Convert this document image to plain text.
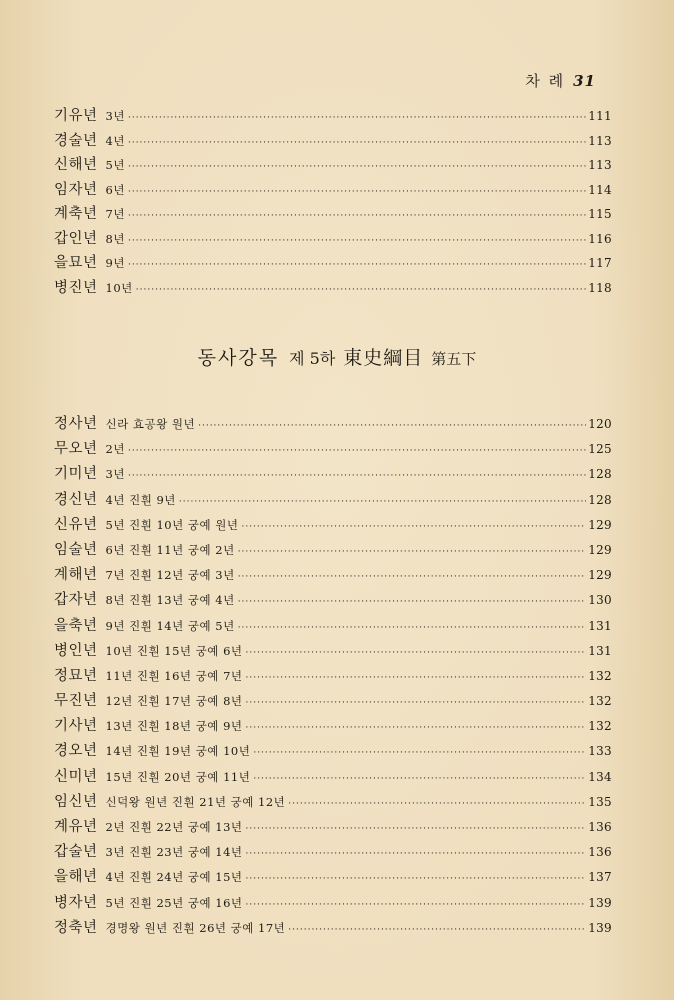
차 례 31
기유년 3년 ·····	111
경술년 4년 ·····	113
신해년 5년 ·····	113
임자년 6년 ·····	114
계축년 7년 ·····	115
갑인년 8년 ·····	116
을묘년 9년 ·····	117
병진년 10년 ·····	118
동사강목 제 5하 東史綱目 第五下
정사년 신라 효공왕 원년 ·····	120
무오년 2년 ·····	125
기미년 3년 ·····	128
경신년 4년 진훤 9년 ·····	128
신유년 5년 진훤 10년 궁예 원년 ·····	129
임술년 6년 진훤 11년 궁예 2년 ·····	129
계해년 7년 진훤 12년 궁예 3년 ·····	129
갑자년 8년 진훤 13년 궁예 4년 ·····	130
을축년 9년 진훤 14년 궁예 5년 ·····	131
병인년 10년 진훤 15년 궁예 6년 ·····	131
정묘년 11년 진훤 16년 궁예 7년 ·····	132
무진년 12년 진훤 17년 궁예 8년 ·····	132
기사년 13년 진훤 18년 궁예 9년 ·····	132
경오년 14년 진훤 19년 궁예 10년 ·····	133
신미년 15년 진훤 20년 궁예 11년 ·····	134
임신년 신덕왕 원년 진훤 21년 궁예 12년 ·····	135
계유년 2년 진훤 22년 궁예 13년 ·····	136
갑술년 3년 진훤 23년 궁예 14년 ·····	136
을해년 4년 진훤 24년 궁예 15년 ·····	137
병자년 5년 진훤 25년 궁예 16년 ·····	139
정축년 경명왕 원년 진훤 26년 궁예 17년 ·····	139
